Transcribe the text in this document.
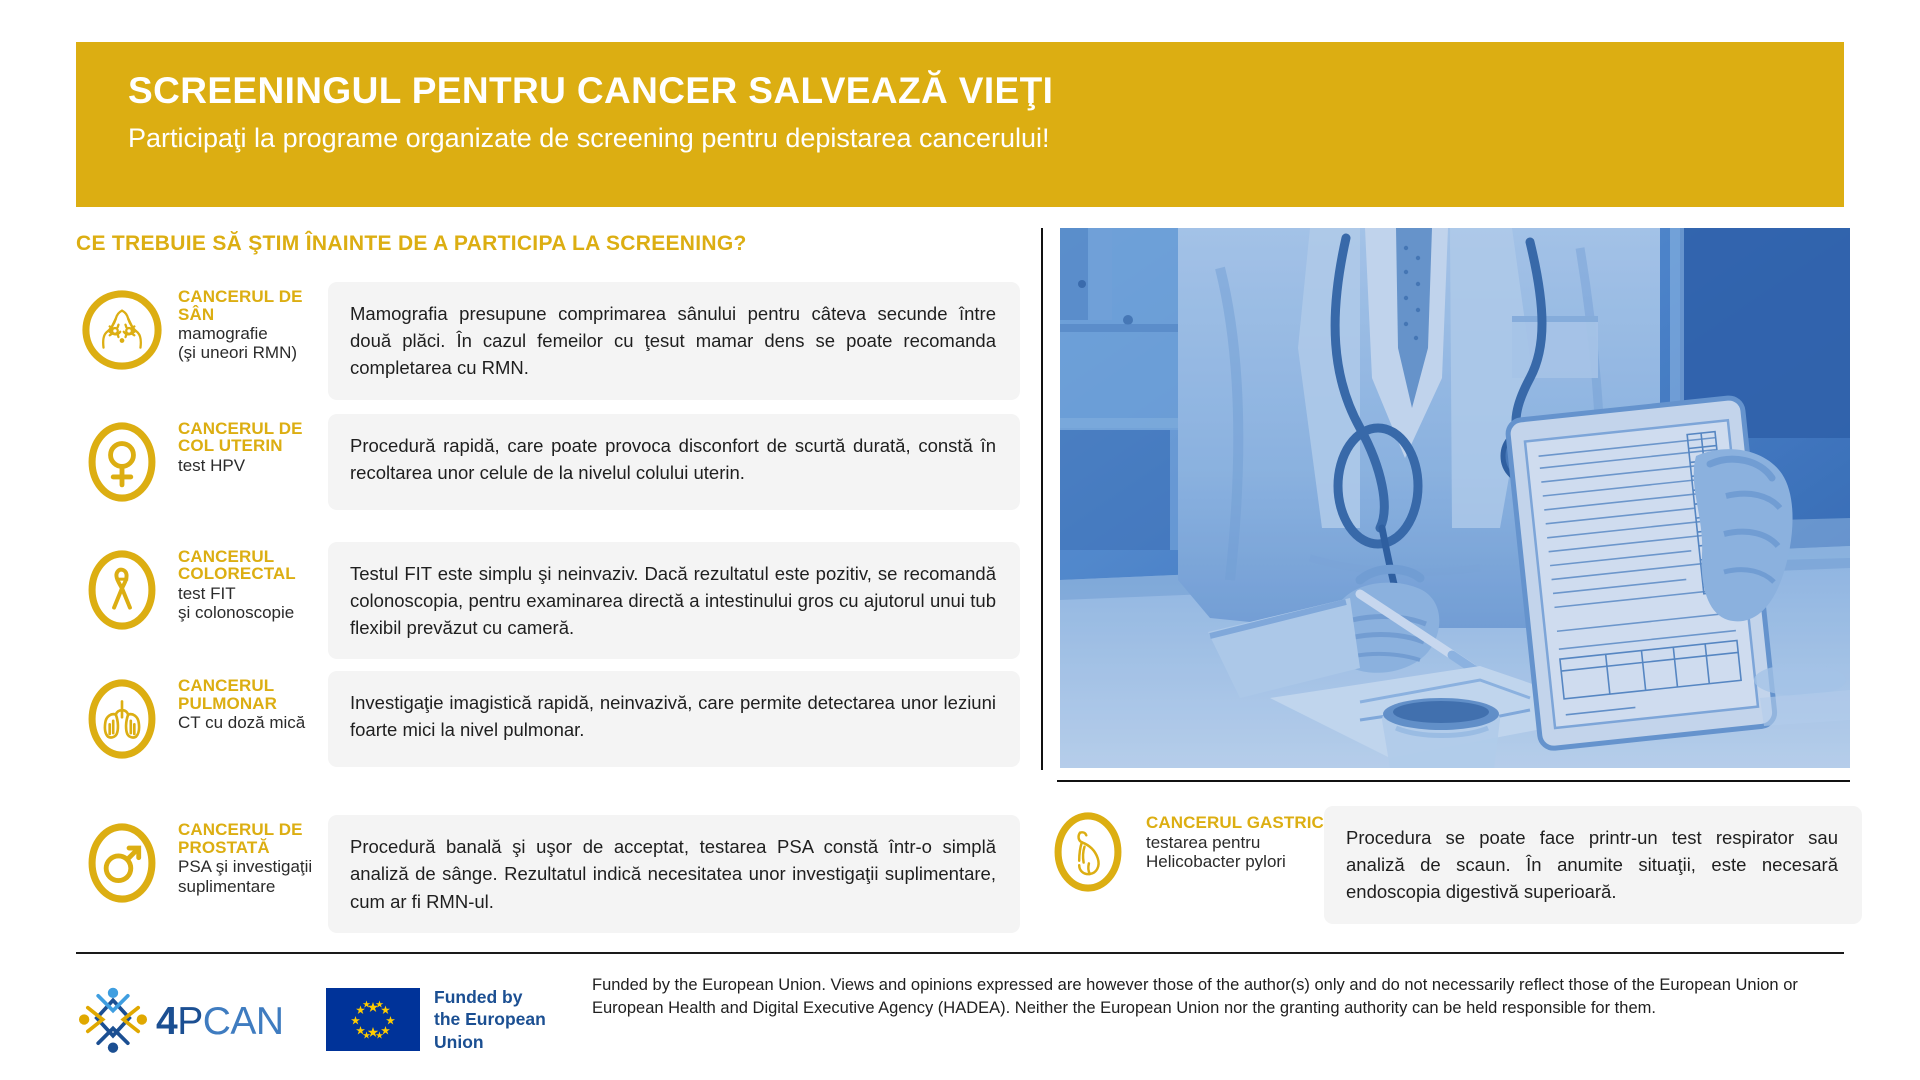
SCREENINGUL PENTRU CANCER SALVEAZĂ VIEŢI
Participaţi la programe organizate de screening pentru depistarea cancerului!
CE TREBUIE SĂ ŞTIM ÎNAINTE DE A PARTICIPA LA SCREENING?
CANCERUL DE SÂN
mamografie
(şi uneori RMN)
Mamografia presupune comprimarea sânului pentru câteva secunde între două plăci. În cazul femeilor cu ţesut mamar dens se poate recomanda completarea cu RMN.
CANCERUL DE COL UTERIN
test HPV
Procedură rapidă, care poate provoca disconfort de scurtă durată, constă în recoltarea unor celule de la nivelul colului uterin.
CANCERUL COLORECTAL
test FIT
şi colonoscopie
Testul FIT este simplu şi neinvaziv. Dacă rezultatul este pozitiv, se recomandă colonoscopia, pentru examinarea directă a intestinului gros cu ajutorul unui tub flexibil prevăzut cu cameră.
CANCERUL PULMONAR
CT cu doză mică
Investigaţie imagistică rapidă, neinvazivă, care permite detectarea unor leziuni foarte mici la nivel pulmonar.
CANCERUL DE PROSTATĂ
PSA şi investigaţii
suplimentare
Procedură banală şi uşor de acceptat, testarea PSA constă într-o simplă analiză de sânge. Rezultatul indică necesitatea unor investigaţii suplimentare, cum ar fi RMN-ul.
CANCERUL GASTRIC
testarea pentru
Helicobacter pylori
Procedura se poate face printr-un test respirator sau analiză de scaun. În anumite situaţii, este necesară endoscopia digestivă superioară.
4PCAN
Funded by
the European Union
Funded by the European Union. Views and opinions expressed are however those of the author(s) only and do not necessarily reflect those of the European Union or European Health and Digital Executive Agency (HADEA). Neither the European Union nor the granting authority can be held responsible for them.
